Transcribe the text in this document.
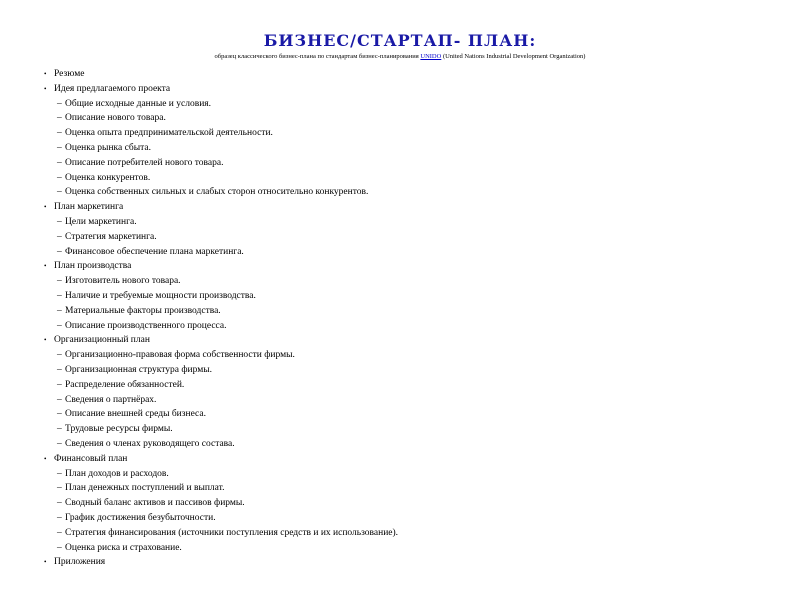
БИЗНЕС/СТАРТАП- ПЛАН:
образец классического бизнес-плана по стандартам бизнес-планирования UNIDO (United Nations Industrial Development Organization)
• Резюме
• Идея предлагаемого проекта
– Общие исходные данные и условия.
– Описание нового товара.
– Оценка опыта предпринимательской деятельности.
– Оценка рынка сбыта.
– Описание потребителей нового товара.
– Оценка конкурентов.
– Оценка собственных сильных и слабых сторон относительно конкурентов.
• План маркетинга
– Цели маркетинга.
– Стратегия маркетинга.
– Финансовое обеспечение плана маркетинга.
• План производства
– Изготовитель нового товара.
– Наличие и требуемые мощности производства.
– Материальные факторы производства.
– Описание производственного процесса.
• Организационный план
– Организационно-правовая форма собственности фирмы.
– Организационная структура фирмы.
– Распределение обязанностей.
– Сведения о партнёрах.
– Описание внешней среды бизнеса.
– Трудовые ресурсы фирмы.
– Сведения о членах руководящего состава.
• Финансовый план
– План доходов и расходов.
– План денежных поступлений и выплат.
– Сводный баланс активов и пассивов фирмы.
– График достижения безубыточности.
– Стратегия финансирования (источники поступления средств и их использование).
– Оценка риска и страхование.
• Приложения
